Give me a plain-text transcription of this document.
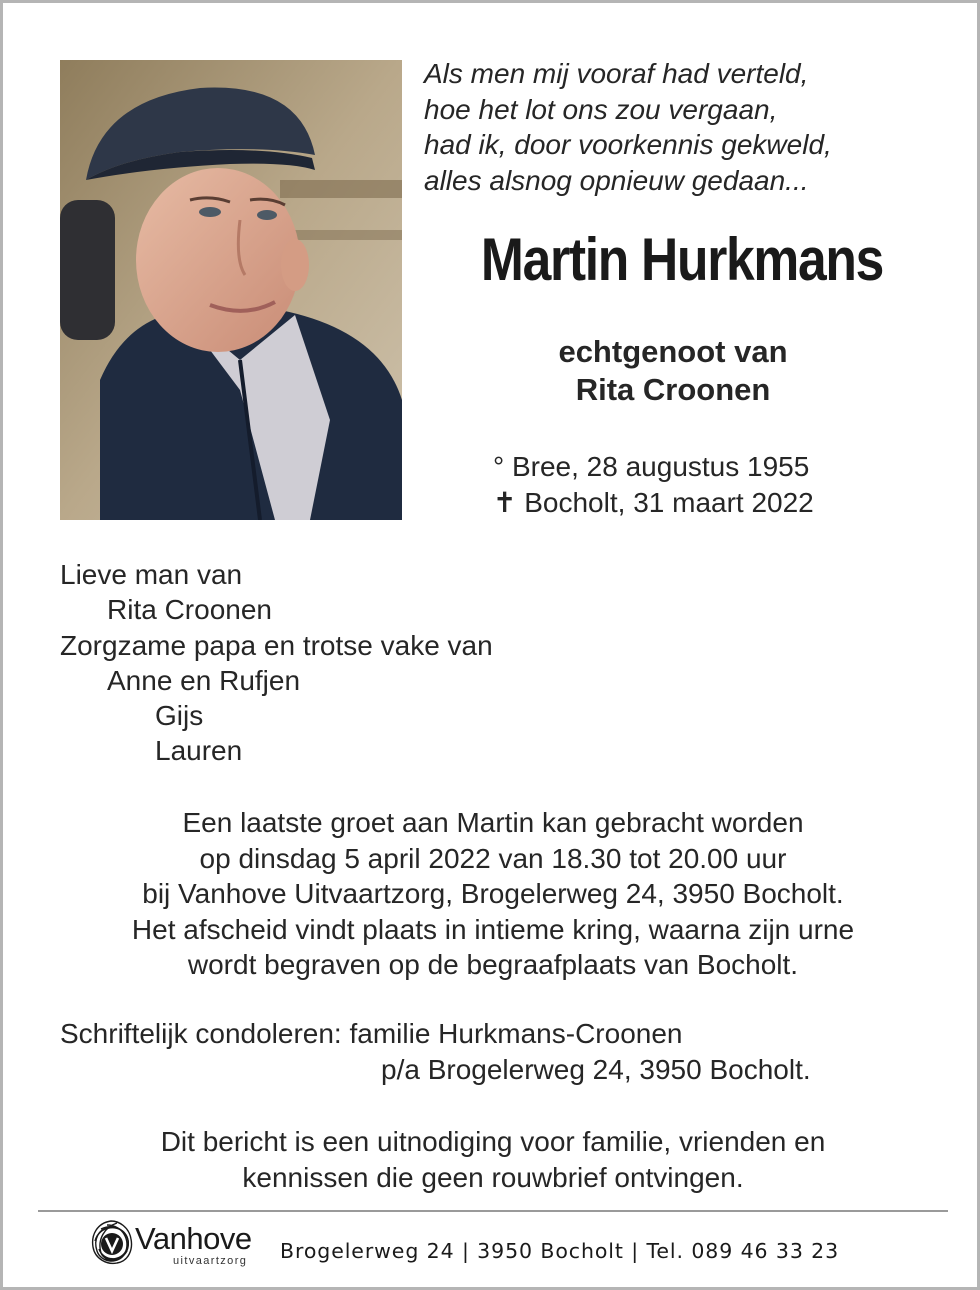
Als men mij vooraf had verteld,
hoe het lot ons zou vergaan,
had ik, door voorkennis gekweld,
alles alsnog opnieuw gedaan...
Martin Hurkmans
echtgenoot van
Rita Croonen
° Bree, 28 augustus 1955
✝ Bocholt, 31 maart 2022
Lieve man van
Rita Croonen
Zorgzame papa en trotse vake van
Anne en Rufjen
Gijs
Lauren
Een laatste groet aan Martin kan gebracht worden
op dinsdag 5 april 2022 van 18.30 tot 20.00 uur
bij Vanhove Uitvaartzorg, Brogelerweg 24, 3950 Bocholt.
Het afscheid vindt plaats in intieme kring, waarna zijn urne
wordt begraven op de begraafplaats van Bocholt.
Schriftelijk condoleren: familie Hurkmans-Croonen
p/a Brogelerweg 24, 3950 Bocholt.
Dit bericht is een uitnodiging voor familie, vrienden en
kennissen die geen rouwbrief ontvingen.
Vanhove
uitvaartzorg Brogelerweg 24 | 3950 Bocholt | Tel. 089 46 33 23
